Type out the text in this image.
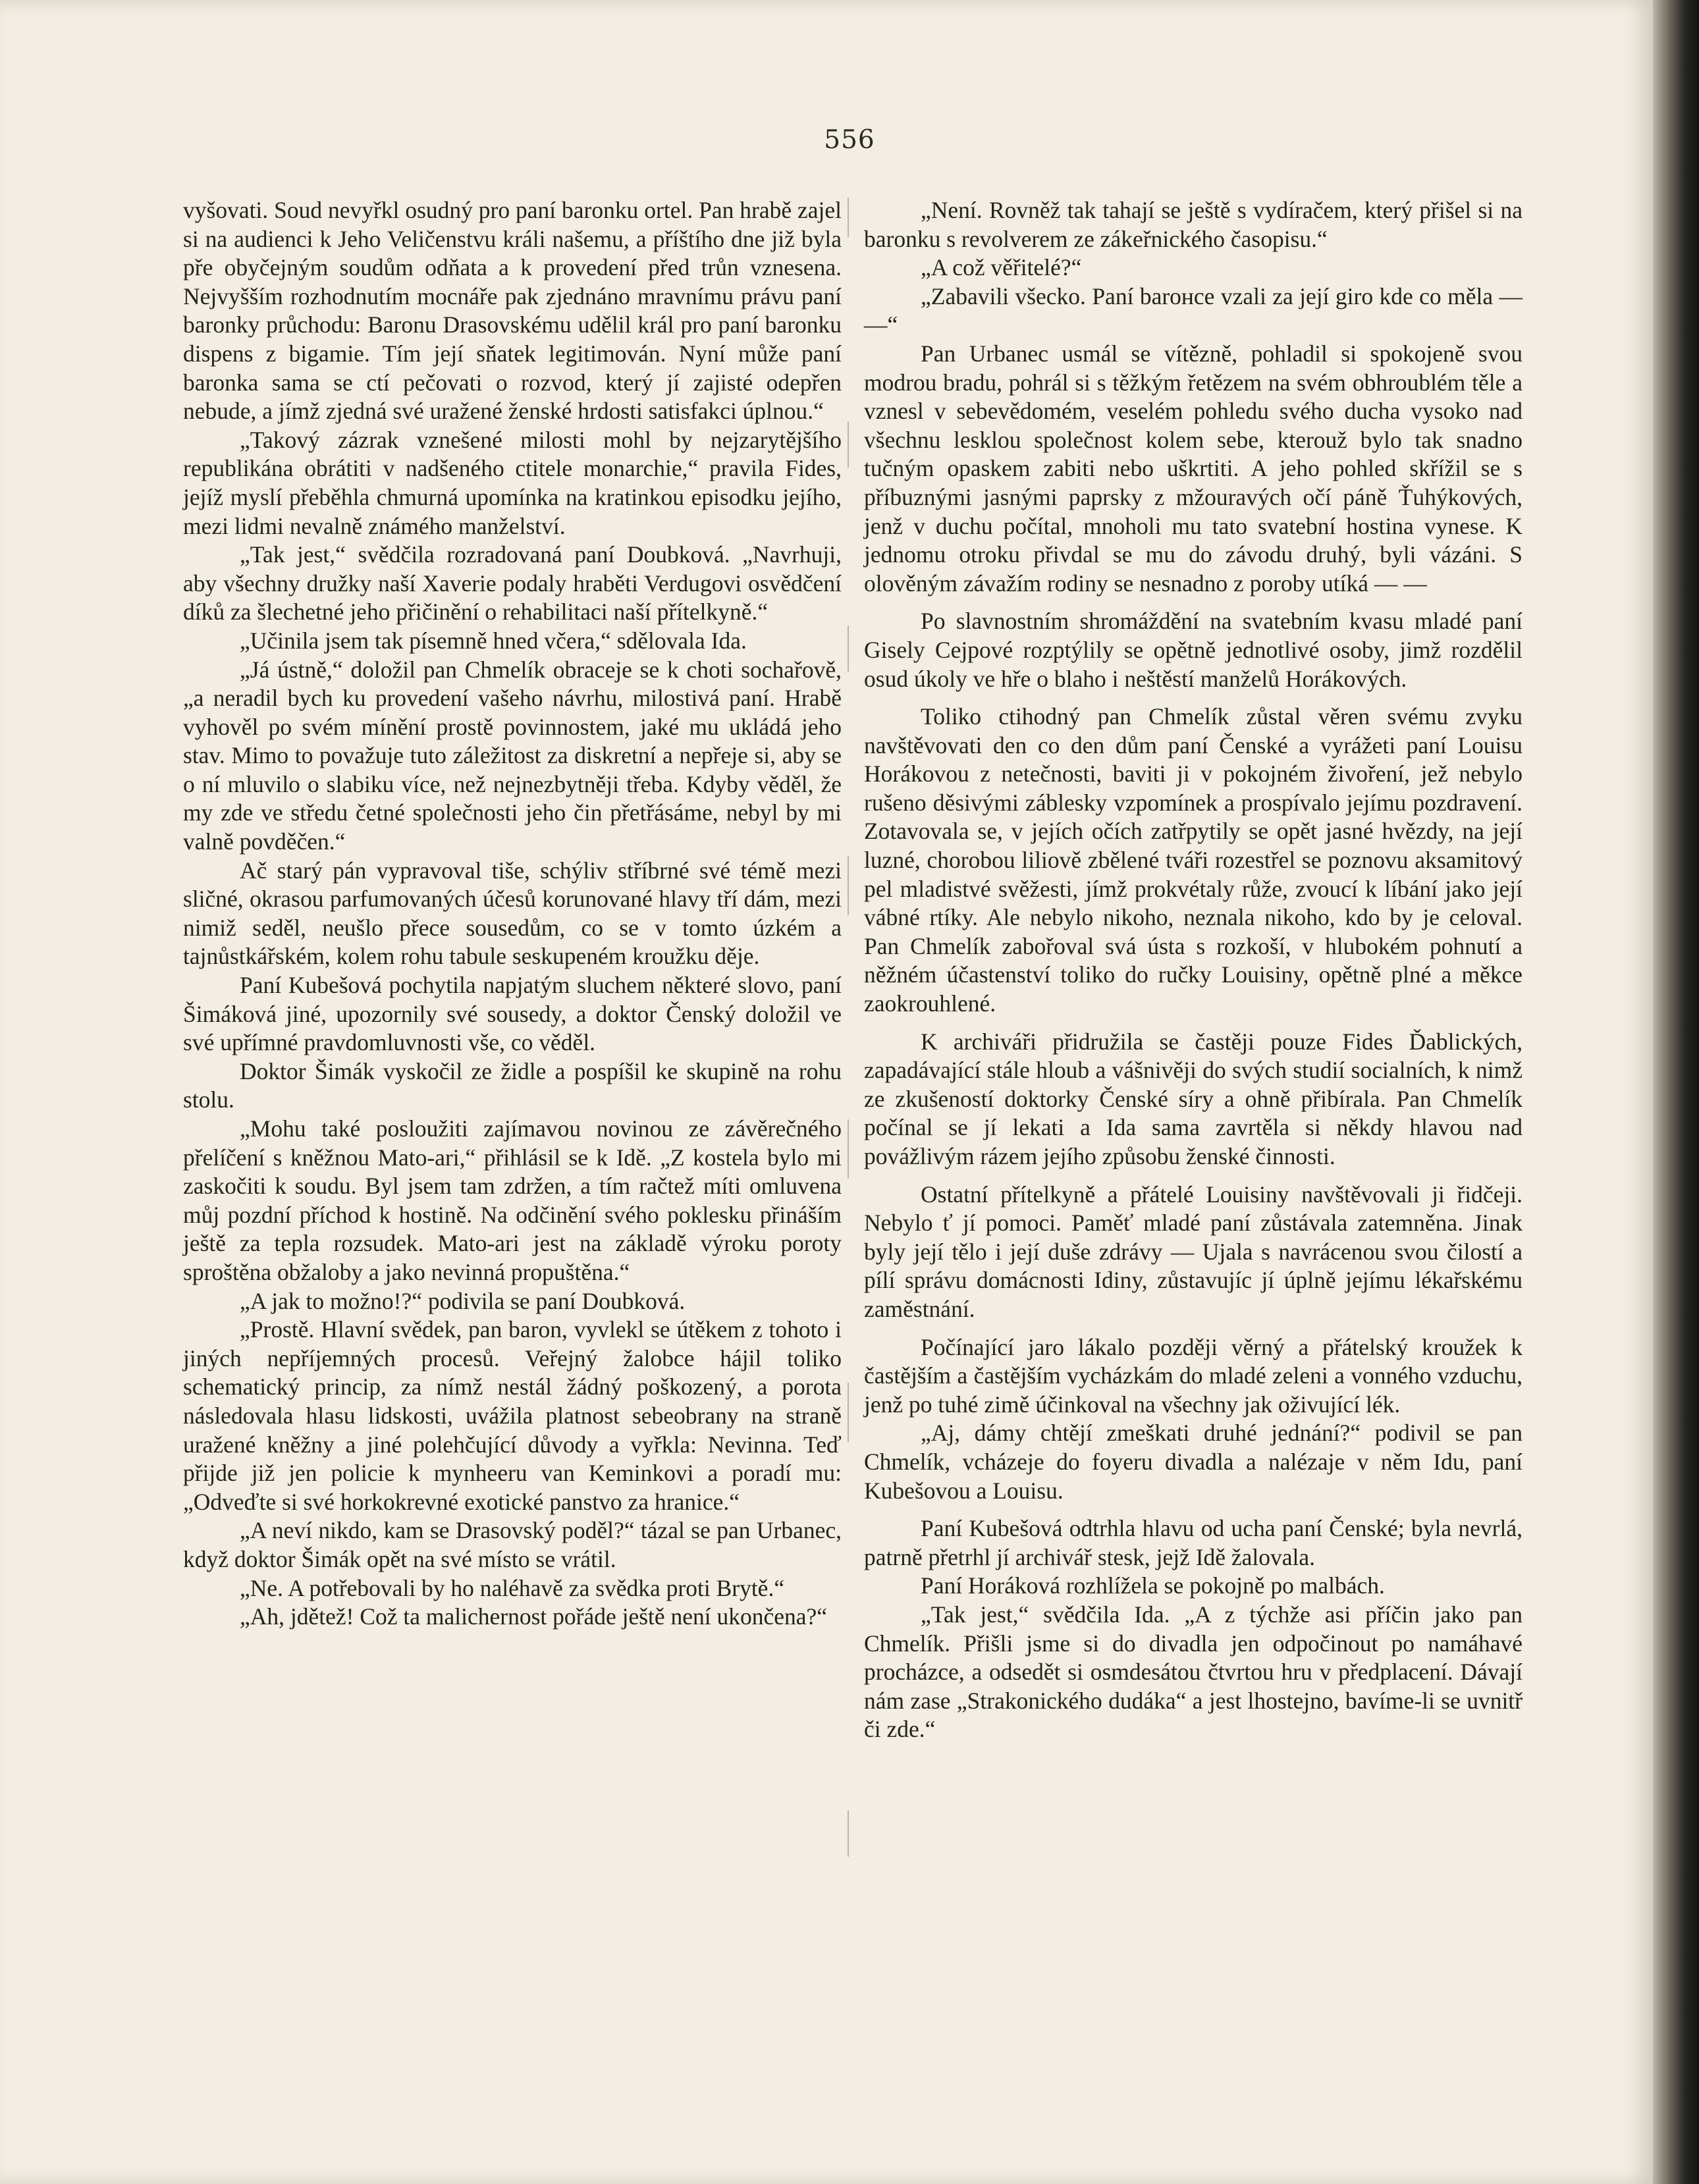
556

vyšovati. Soud nevyřkl osudný pro paní baronku ortel. Pan hrabě zajel si na audienci k Jeho Veličenstvu králi našemu, a příštího dne již byla pře obyčejným soudům odňata a k provedení před trůn vznesena. Nejvyšším rozhodnutím mocnáře pak zjednáno mravnímu právu paní baronky průchodu: Baronu Drasovskému udělil král pro paní baronku dispens z bigamie. Tím její sňatek legitimován. Nyní může paní baronka sama se ctí pečovati o rozvod, který jí zajisté odepřen nebude, a jímž zjedná své uražené ženské hrdosti satisfakci úplnou.“

„Takový zázrak vznešené milosti mohl by nejzarytějšího republikána obrátiti v nadšeného ctitele monarchie,“ pravila Fides, jejíž myslí přeběhla chmurná upomínka na kratinkou episodku jejího, mezi lidmi nevalně známého manželství.

„Tak jest,“ svědčila rozradovaná paní Doubková. „Navrhuji, aby všechny družky naší Xaverie podaly hraběti Verdugovi osvědčení díků za šlechetné jeho přičinění o rehabilitaci naší přítelkyně.“

„Učinila jsem tak písemně hned včera,“ sdělovala Ida.

„Já ústně,“ doložil pan Chmelík obraceje se k choti sochařově, „a neradil bych ku provedení vašeho návrhu, milostivá paní. Hrabě vyhověl po svém mínění prostě povinnostem, jaké mu ukládá jeho stav. Mimo to považuje tuto záležitost za diskretní a nepřeje si, aby se o ní mluvilo o slabiku více, než nejnezbytněji třeba. Kdyby věděl, že my zde ve středu četné společnosti jeho čin přetřásáme, nebyl by mi valně povděčen.“

Ač starý pán vypravoval tiše, schýliv stříbrné své témě mezi sličné, okrasou parfumovaných účesů korunované hlavy tří dám, mezi nimiž seděl, neušlo přece sousedům, co se v tomto úzkém a tajnůstkářském, kolem rohu tabule seskupeném kroužku děje.

Paní Kubešová pochytila napjatým sluchem některé slovo, paní Šimáková jiné, upozornily své sousedy, a doktor Čenský doložil ve své upřímné pravdomluvnosti vše, co věděl.

Doktor Šimák vyskočil ze židle a pospíšil ke skupině na rohu stolu.

„Mohu také posloužiti zajímavou novinou ze závěrečného přelíčení s kněžnou Mato-ari,“ přihlásil se k Idě. „Z kostela bylo mi zaskočiti k soudu. Byl jsem tam zdržen, a tím račtež míti omluvena můj pozdní příchod k hostině. Na odčinění svého poklesku přináším ještě za tepla rozsudek. Mato-ari jest na základě výroku poroty sproštěna obžaloby a jako nevinná propuštěna.“

„A jak to možno!?“ podivila se paní Doubková.

„Prostě. Hlavní svědek, pan baron, vyvlekl se útěkem z tohoto i jiných nepříjemných procesů. Veřejný žalobce hájil toliko schematický princip, za nímž nestál žádný poškozený, a porota následovala hlasu lidskosti, uvážila platnost sebeobrany na straně uražené kněžny a jiné polehčující důvody a vyřkla: Nevinna. Teď přijde již jen policie k mynheeru van Keminkovi a poradí mu: „Odveďte si své horkokrevné exotické panstvo za hranice.“

„A neví nikdo, kam se Drasovský poděl?“ tázal se pan Urbanec, když doktor Šimák opět na své místo se vrátil.

„Ne. A potřebovali by ho naléhavě za svědka proti Brytě.“

„Ah, jdětež! Což ta malichernost pořáde ještě není ukončena?“

„Není. Rovněž tak tahají se ještě s vydíračem, který přišel si na baronku s revolverem ze zákeřnického časopisu.“

„A což věřitelé?“

„Zabavili všecko. Paní barонce vzali za její giro kde co měla — —“

Pan Urbanec usmál se vítězně, pohladil si spokojeně svou modrou bradu, pohrál si s těžkým řetězem na svém obhroublém těle a vznesl v sebevědomém, veselém pohledu svého ducha vysoko nad všechnu lesklou společnost kolem sebe, kterouž bylo tak snadno tučným opaskem zabiti nebo uškrtiti. A jeho pohled skřížil se s příbuznými jasnými paprsky z mžouravých očí páně Ťuhýkových, jenž v duchu počítal, mnoholi mu tato svatební hostina vynese. K jednomu otroku přivdal se mu do závodu druhý, byli vázáni. S olověným závažím rodiny se nesnadno z poroby utíká — —

Po slavnostním shromáždění na svatebním kvasu mladé paní Gisely Cejpové rozptýlily se opětně jednotlivé osoby, jimž rozdělil osud úkoly ve hře o blaho i neštěstí manželů Horákových.

Toliko ctihodný pan Chmelík zůstal věren svému zvyku navštěvovati den co den dům paní Čenské a vyrážeti paní Louisu Horákovou z netečnosti, baviti ji v pokojném živoření, jež nebylo rušeno děsivými záblesky vzpomínek a prospívalo jejímu pozdravení. Zotavovala se, v jejích očích zatřpytily se opět jasné hvězdy, na její luzné, chorobou liliově zbělené tváři rozestřel se poznovu aksamitový pel mladistvé svěžesti, jímž prokvétaly růže, zvoucí k líbání jako její vábné rtíky. Ale nebylo nikoho, neznala nikoho, kdo by je celoval. Pan Chmelík zabořoval svá ústa s rozkoší, v hlubokém pohnutí a něžném účastenství toliko do ručky Louisiny, opětně plné a měkce zaokrouhlené.

K archiváři přidružila se častěji pouze Fides Ďablických, zapadávající stále hloub a vášnivěji do svých studií socialních, k nimž ze zkušeností doktorky Čenské síry a ohně přibírala. Pan Chmelík počínal se jí lekati a Ida sama zavrtěla si někdy hlavou nad povážlivým rázem jejího způsobu ženské činnosti.

Ostatní přítelkyně a přátelé Louisiny navštěvovali ji řidčeji. Nebylo ť jí pomoci. Paměť mladé paní zůstávala zatemněna. Jinak byly její tělo i její duše zdrávy — Ujala s navrácenou svou čilostí a pílí správu domácnosti Idiny, zůstavujíc jí úplně jejímu lékařskému zaměstnání.

Počínající jaro lákalo později věrný a přátelský kroužek k častějším a častějším vycházkám do mladé zeleni a vonného vzduchu, jenž po tuhé zimě účinkoval na všechny jak oživující lék.

„Aj, dámy chtějí zmeškati druhé jednání?“ podivil se pan Chmelík, vcházeje do foyeru divadla a nalézaje v něm Idu, paní Kubešovou a Louisu.

Paní Kubešová odtrhla hlavu od ucha paní Čenské; byla nevrlá, patrně přetrhl jí archivář stesk, jejž Idě žalovala.

Paní Horáková rozhlížela se pokojně po malbách.

„Tak jest,“ svědčila Ida. „A z týchže asi příčin jako pan Chmelík. Přišli jsme si do divadla jen odpočinout po namáhavé procházce, a odsedět si osmdesátou čtvrtou hru v předplacení. Dávají nám zase „Strakonického dudáka“ a jest lhostejno, bavíme-li se uvnitř či zde.“
